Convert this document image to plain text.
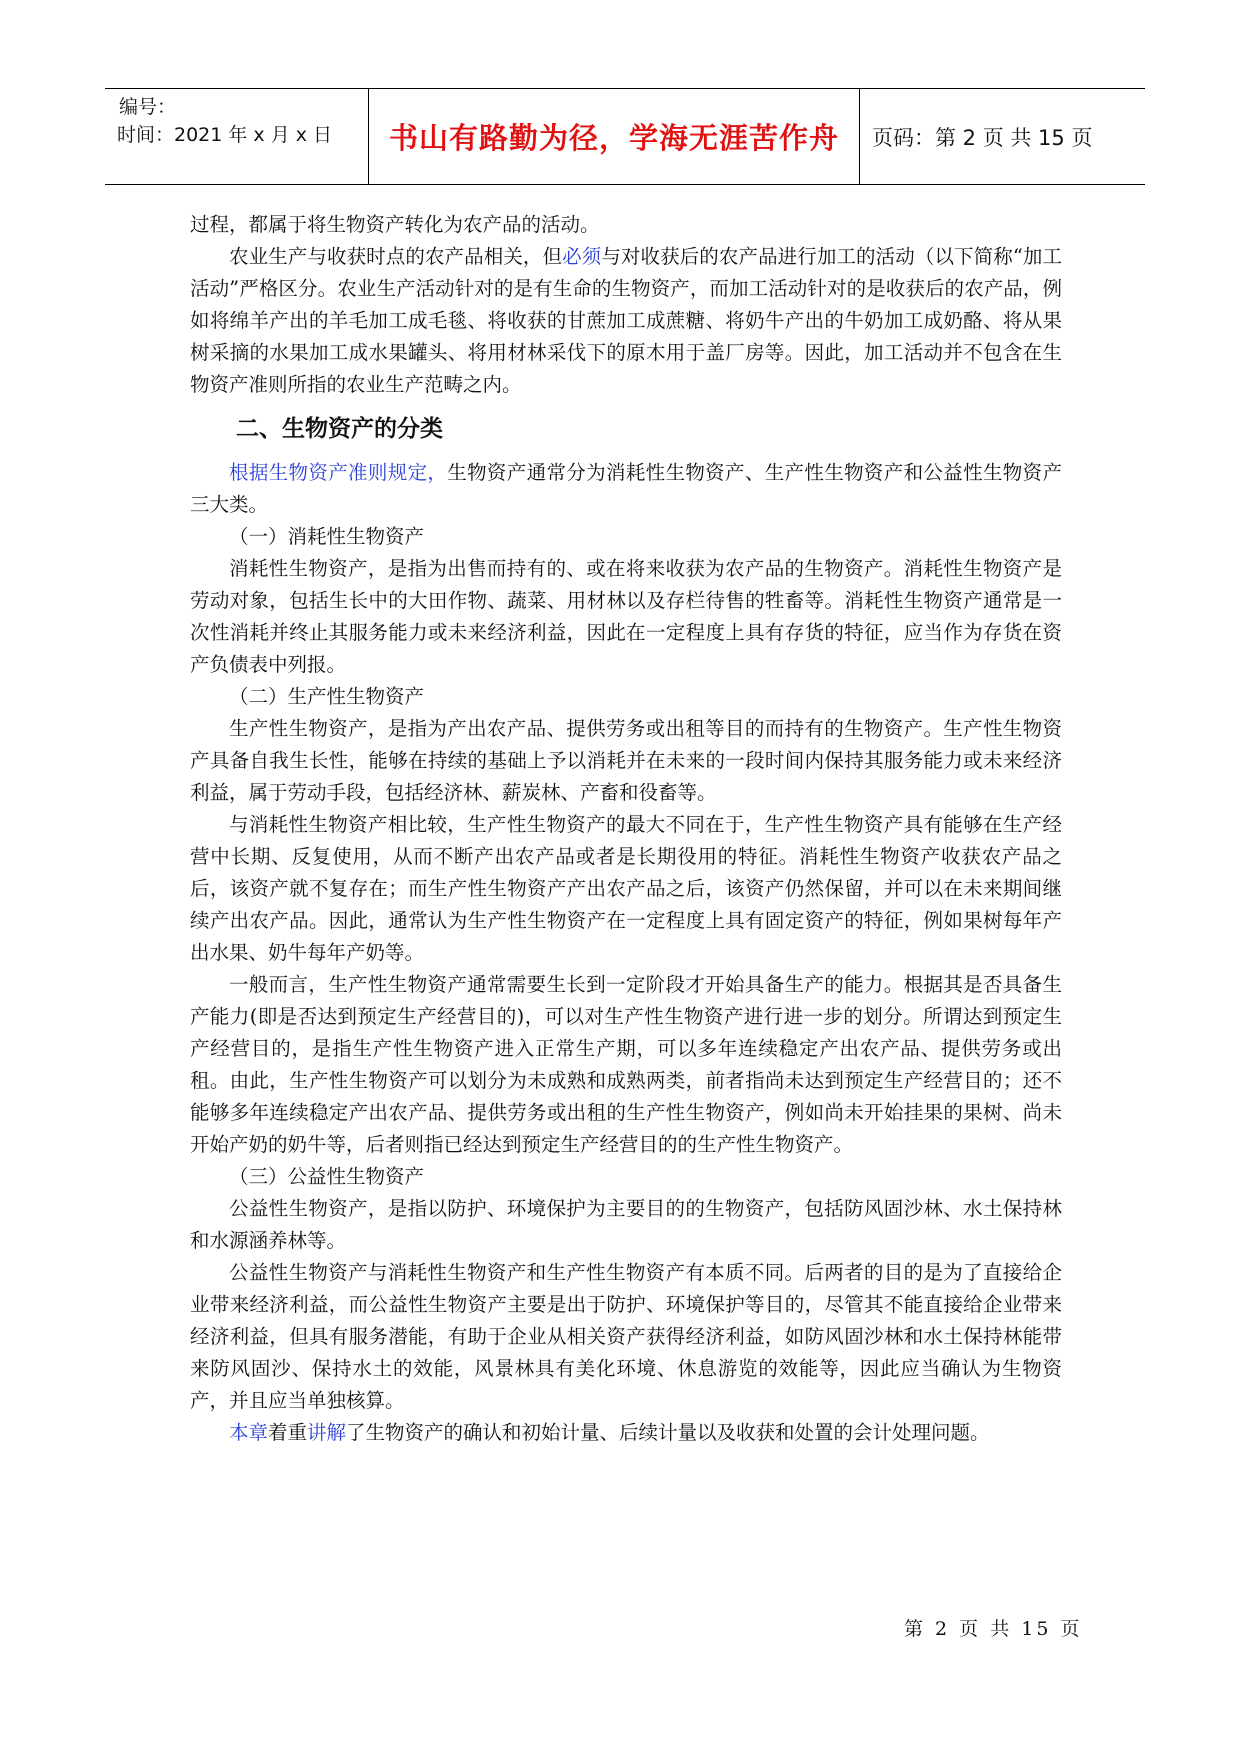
编号：
时间：2021 年 x 月 x 日	书山有路勤为径，学海无涯苦作舟	页码：第 2 页 共 15 页

过程，都属于将生物资产转化为农产品的活动。

农业生产与收获时点的农产品相关，但必须与对收获后的农产品进行加工的活动（以下简称“加工活动”严格区分。农业生产活动针对的是有生命的生物资产，而加工活动针对的是收获后的农产品，例如将绵羊产出的羊毛加工成毛毯、将收获的甘蔗加工成蔗糖、将奶牛产出的牛奶加工成奶酪、将从果树采摘的水果加工成水果罐头、将用材林采伐下的原木用于盖厂房等。因此，加工活动并不包含在生物资产准则所指的农业生产范畴之内。

二、生物资产的分类

根据生物资产准则规定，生物资产通常分为消耗性生物资产、生产性生物资产和公益性生物资产三大类。

（一）消耗性生物资产

消耗性生物资产，是指为出售而持有的、或在将来收获为农产品的生物资产。消耗性生物资产是劳动对象，包括生长中的大田作物、蔬菜、用材林以及存栏待售的牲畜等。消耗性生物资产通常是一次性消耗并终止其服务能力或未来经济利益，因此在一定程度上具有存货的特征，应当作为存货在资产负债表中列报。

（二）生产性生物资产

生产性生物资产，是指为产出农产品、提供劳务或出租等目的而持有的生物资产。生产性生物资产具备自我生长性，能够在持续的基础上予以消耗并在未来的一段时间内保持其服务能力或未来经济利益，属于劳动手段，包括经济林、薪炭林、产畜和役畜等。

与消耗性生物资产相比较，生产性生物资产的最大不同在于，生产性生物资产具有能够在生产经营中长期、反复使用，从而不断产出农产品或者是长期役用的特征。消耗性生物资产收获农产品之后，该资产就不复存在；而生产性生物资产产出农产品之后，该资产仍然保留，并可以在未来期间继续产出农产品。因此，通常认为生产性生物资产在一定程度上具有固定资产的特征，例如果树每年产出水果、奶牛每年产奶等。

一般而言，生产性生物资产通常需要生长到一定阶段才开始具备生产的能力。根据其是否具备生产能力(即是否达到预定生产经营目的)，可以对生产性生物资产进行进一步的划分。所谓达到预定生产经营目的，是指生产性生物资产进入正常生产期，可以多年连续稳定产出农产品、提供劳务或出租。由此，生产性生物资产可以划分为未成熟和成熟两类，前者指尚未达到预定生产经营目的；还不能够多年连续稳定产出农产品、提供劳务或出租的生产性生物资产，例如尚未开始挂果的果树、尚未开始产奶的奶牛等，后者则指已经达到预定生产经营目的的生产性生物资产。

（三）公益性生物资产

公益性生物资产，是指以防护、环境保护为主要目的的生物资产，包括防风固沙林、水土保持林和水源涵养林等。

公益性生物资产与消耗性生物资产和生产性生物资产有本质不同。后两者的目的是为了直接给企业带来经济利益，而公益性生物资产主要是出于防护、环境保护等目的，尽管其不能直接给企业带来经济利益，但具有服务潜能，有助于企业从相关资产获得经济利益，如防风固沙林和水土保持林能带来防风固沙、保持水土的效能，风景林具有美化环境、休息游览的效能等，因此应当确认为生物资产，并且应当单独核算。

本章着重讲解了生物资产的确认和初始计量、后续计量以及收获和处置的会计处理问题。

第 2 页 共 15 页
